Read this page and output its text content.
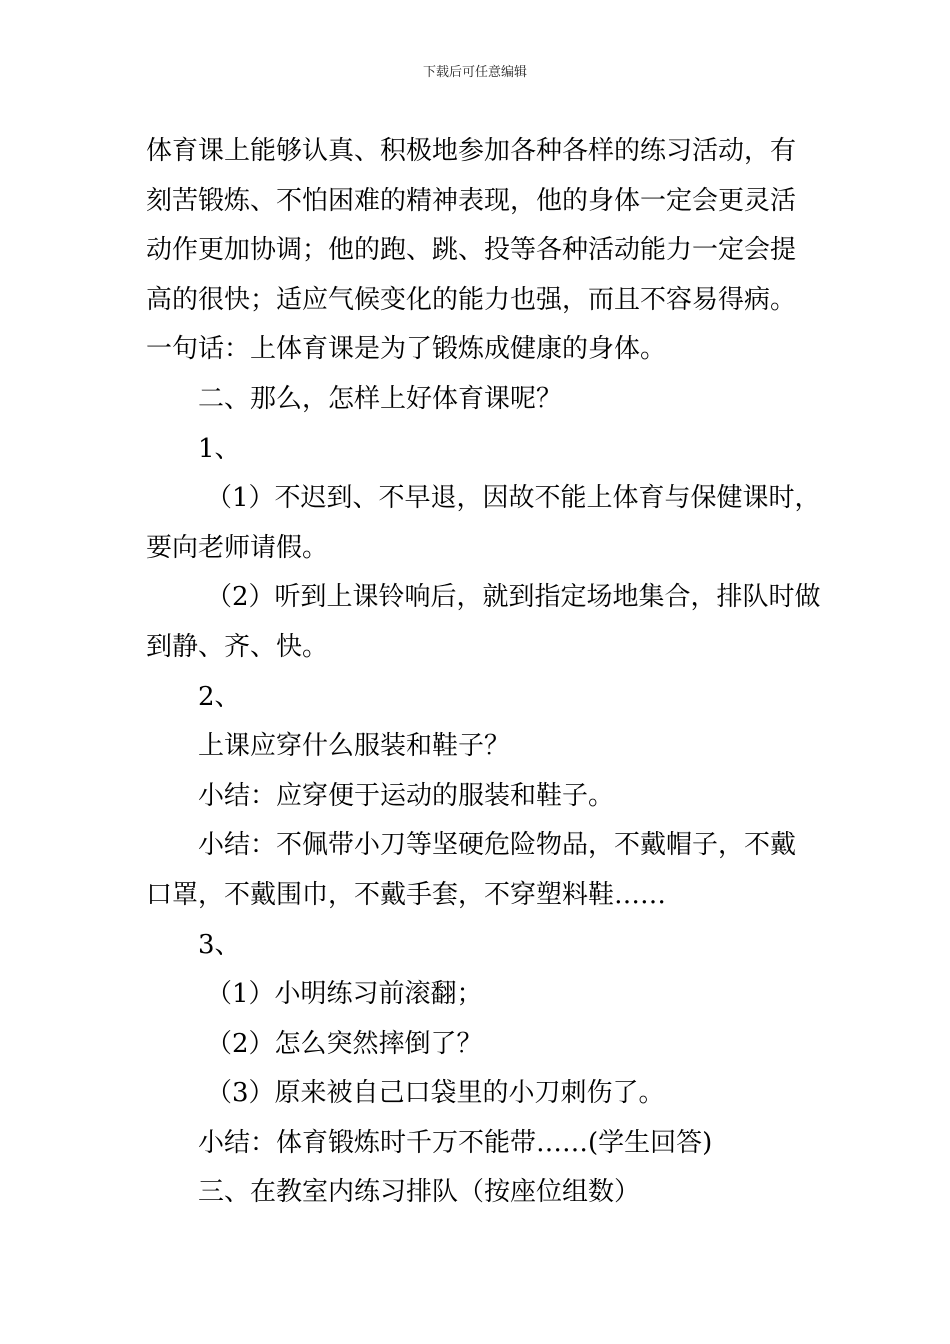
下载后可任意编辑

体育课上能够认真、积极地参加各种各样的练习活动，有

刻苦锻炼、不怕困难的精神表现，他的身体一定会更灵活

动作更加协调；他的跑、跳、投等各种活动能力一定会提

高的很快；适应气候变化的能力也强，而且不容易得病。

一句话：上体育课是为了锻炼成健康的身体。

二、那么，怎样上好体育课呢？

1、

（1）不迟到、不早退，因故不能上体育与保健课时，

要向老师请假。

（2）听到上课铃响后，就到指定场地集合，排队时做

到静、齐、快。

2、

上课应穿什么服装和鞋子？

小结：应穿便于运动的服装和鞋子。

小结：不佩带小刀等坚硬危险物品，不戴帽子，不戴

口罩，不戴围巾，不戴手套，不穿塑料鞋……

3、

（1）小明练习前滚翻；

（2）怎么突然摔倒了？

（3）原来被自己口袋里的小刀刺伤了。

小结：体育锻炼时千万不能带……(学生回答)

三、在教室内练习排队（按座位组数）
